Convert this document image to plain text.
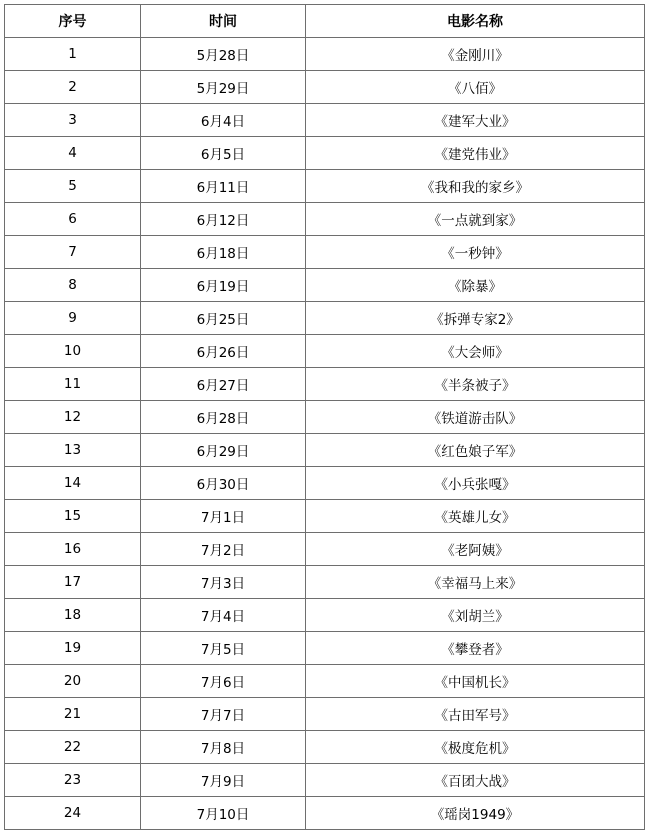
序号	时间	电影名称
1	5月28日	《金刚川》
2	5月29日	《八佰》
3	6月4日	《建军大业》
4	6月5日	《建党伟业》
5	6月11日	《我和我的家乡》
6	6月12日	《一点就到家》
7	6月18日	《一秒钟》
8	6月19日	《除暴》
9	6月25日	《拆弹专家2》
10	6月26日	《大会师》
11	6月27日	《半条被子》
12	6月28日	《铁道游击队》
13	6月29日	《红色娘子军》
14	6月30日	《小兵张嘎》
15	7月1日	《英雄儿女》
16	7月2日	《老阿姨》
17	7月3日	《幸福马上来》
18	7月4日	《刘胡兰》
19	7月5日	《攀登者》
20	7月6日	《中国机长》
21	7月7日	《古田军号》
22	7月8日	《极度危机》
23	7月9日	《百团大战》
24	7月10日	《瑶岗1949》
